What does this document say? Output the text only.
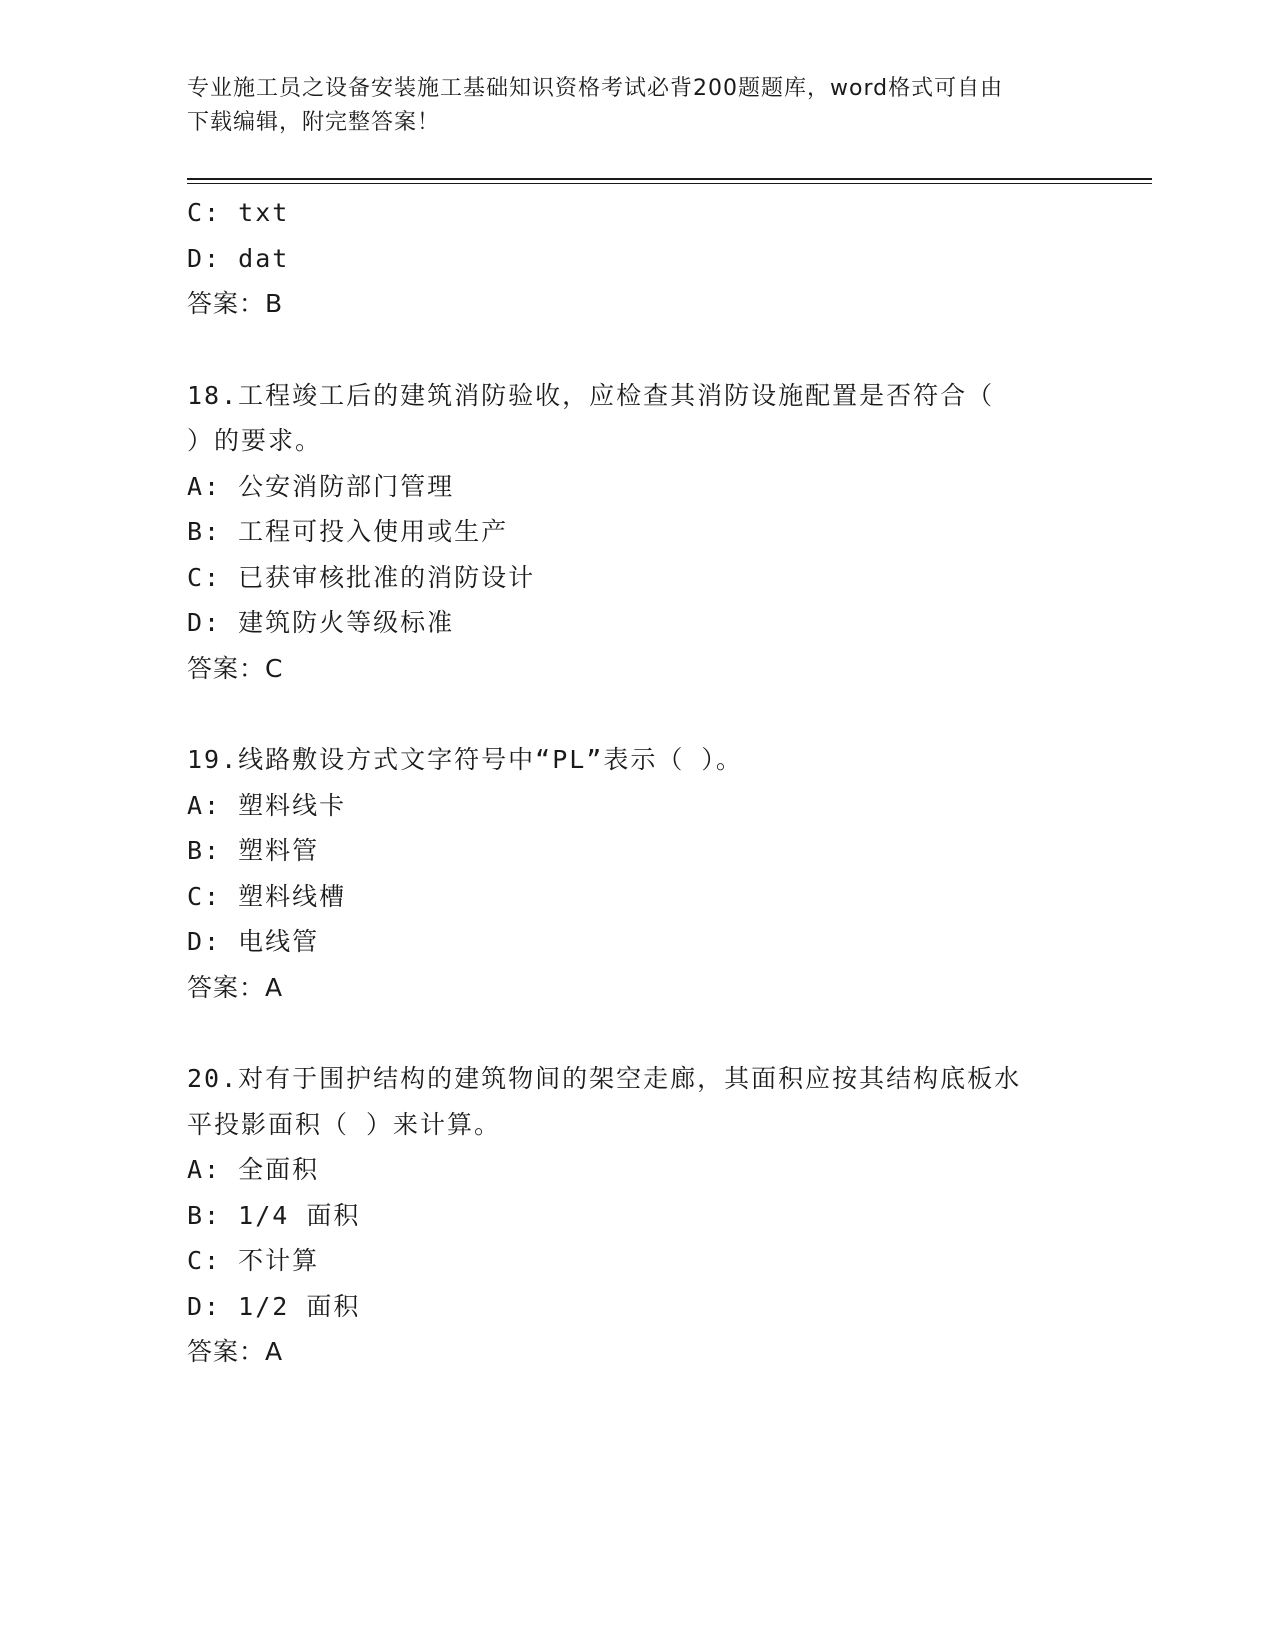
专业施工员之设备安装施工基础知识资格考试必背200题题库，word格式可自由
下载编辑，附完整答案！
C: txt
D: dat
答案：B
18.工程竣工后的建筑消防验收，应检查其消防设施配置是否符合（
）的要求。
A: 公安消防部门管理
B: 工程可投入使用或生产
C: 已获审核批准的消防设计
D: 建筑防火等级标准
答案：C
19.线路敷设方式文字符号中“PL”表示（ ）。
A: 塑料线卡
B: 塑料管
C: 塑料线槽
D: 电线管
答案：A
20.对有于围护结构的建筑物间的架空走廊，其面积应按其结构底板水
平投影面积（ ）来计算。
A: 全面积
B: 1/4 面积
C: 不计算
D: 1/2 面积
答案：A
